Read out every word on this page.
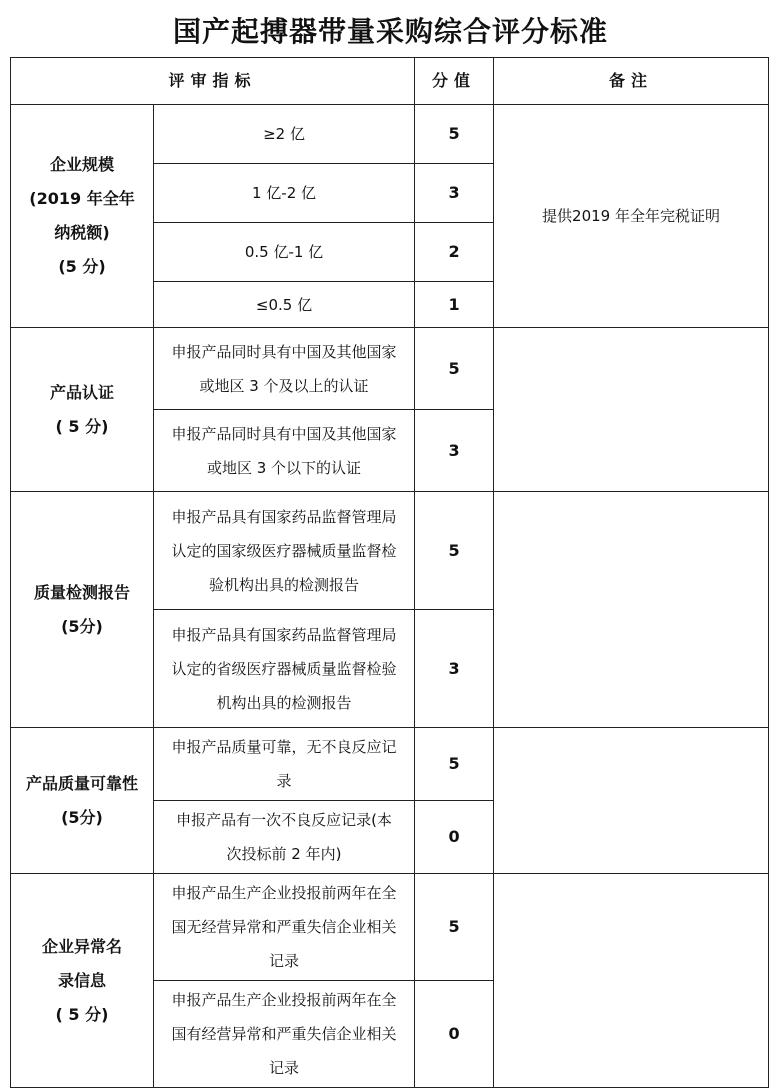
国产起搏器带量采购综合评分标准
评审指标		分值	备注

企业规模
(2019 年全年
纳税额)
(5 分)	≥2 亿	5	提供2019 年全年完税证明

	1 亿-2 亿	3	

	0.5 亿-1 亿	2	

	≤0.5 亿	1	

产品认证
( 5 分)	申报产品同时具有中国及其他国家
或地区 3 个及以上的认证	5	

	申报产品同时具有中国及其他国家
或地区 3 个以下的认证	3	

质量检测报告
(5分)	申报产品具有国家药品监督管理局
认定的国家级医疗器械质量监督检
验机构出具的检测报告	5	

	申报产品具有国家药品监督管理局
认定的省级医疗器械质量监督检验
机构出具的检测报告	3	

产品质量可靠性
(5分)	申报产品质量可靠，无不良反应记
录	5	

	申报产品有一次不良反应记录(本
次投标前 2 年内)	0	

企业异常名
录信息
( 5 分)	申报产品生产企业投报前两年在全
国无经营异常和严重失信企业相关
记录	5	

	申报产品生产企业投报前两年在全
国有经营异常和严重失信企业相关
记录	0	
